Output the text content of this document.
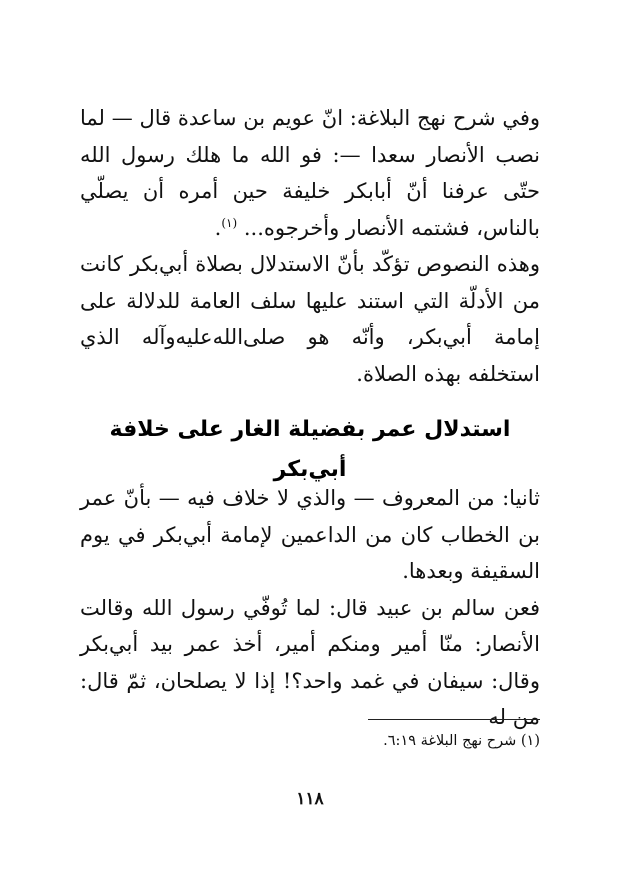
وفي شرح نهج البلاغة: انّ عويم بن ساعدة قال — لما نصب الأنصار سعدا —: فو الله ما هلك رسول الله حتّى عرفنا أنّ أبابكر خليفة حين أمره أن يصلّي بالناس، فشتمه الأنصار وأخرجوه... $^{(١)}$.

وهذه النصوص تؤكّد بأنّ الاستدلال بصلاة أبي‌بكر كانت من الأدلّة التي استند عليها سلف العامة للدلالة على إمامة أبي‌بكر، وأنّه هو صلى‌الله‌عليه‌وآله الذي استخلفه بهذه الصلاة.

استدلال عمر بفضيلة الغار على خلافة
أبي‌بكر

ثانيا: من المعروف — والذي لا خلاف فيه — بأنّ عمر بن الخطاب كان من الداعمين لإمامة أبي‌بكر في يوم السقيفة وبعدها.

فعن سالم بن عبيد قال: لما تُوفّي رسول الله وقالت الأنصار: منّا أمير ومنكم أمير، أخذ عمر بيد أبي‌بكر وقال: سيفان في غمد واحد؟! إذا لا يصلحان، ثمّ قال: من له

(١) شرح نهج البلاغة ٦:١٩.
١١٨
